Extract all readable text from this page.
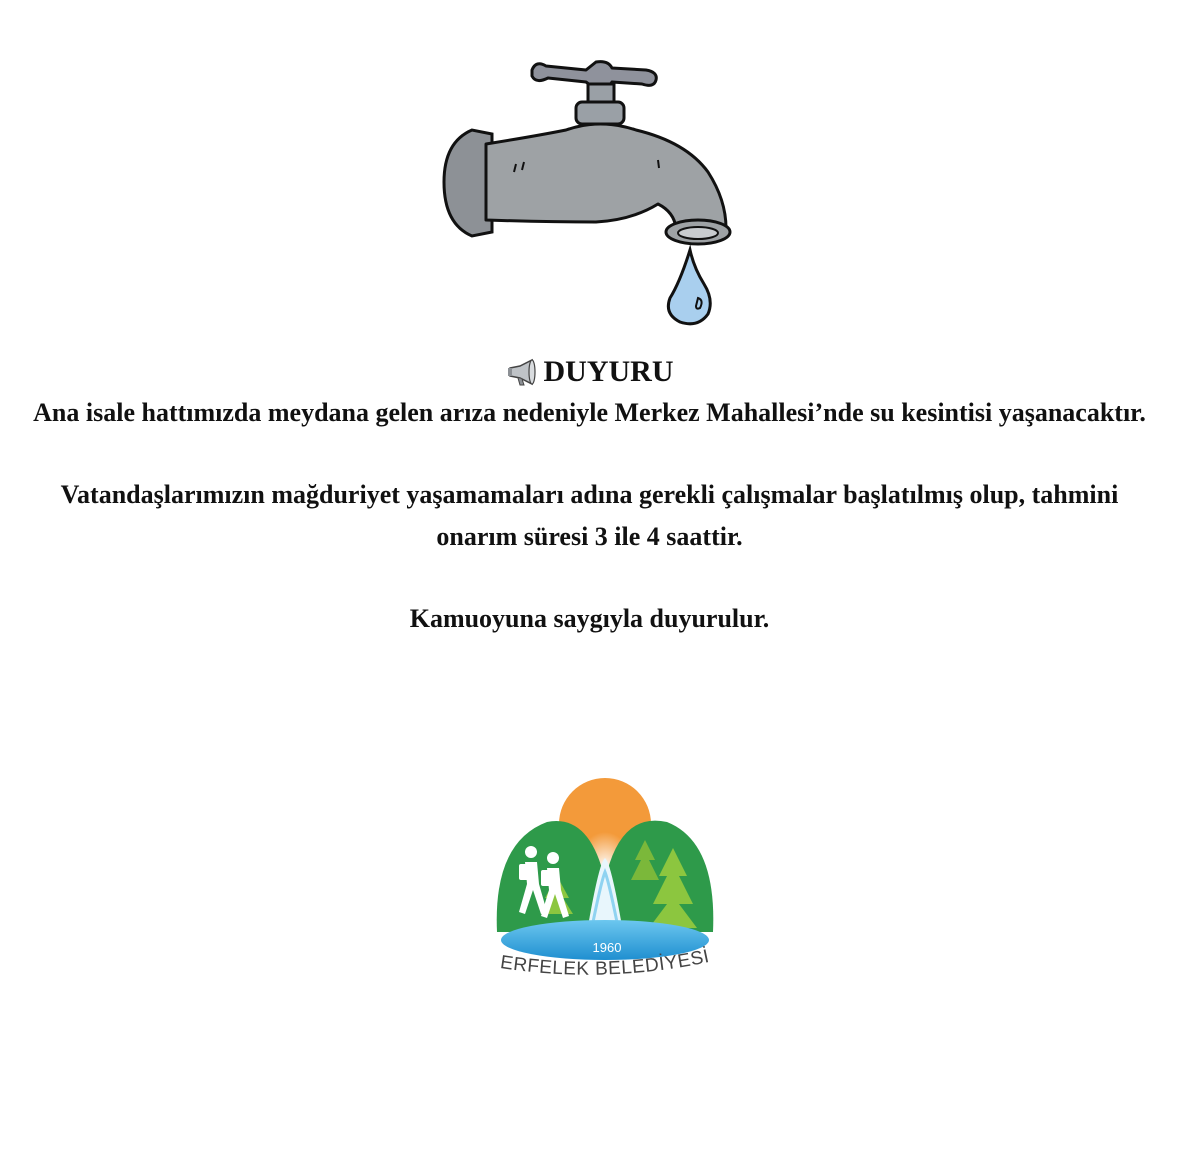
DUYURU

Ana isale hattımızda meydana gelen arıza nedeniyle Merkez Mahallesi’nde su kesintisi yaşanacaktır.

Vatandaşlarımızın mağduriyet yaşamamaları adına gerekli çalışmalar başlatılmış olup, tahmini onarım süresi 3 ile 4 saattir.

Kamuoyuna saygıyla duyurulur.

1960
ERFELEK BELEDİYESİ
